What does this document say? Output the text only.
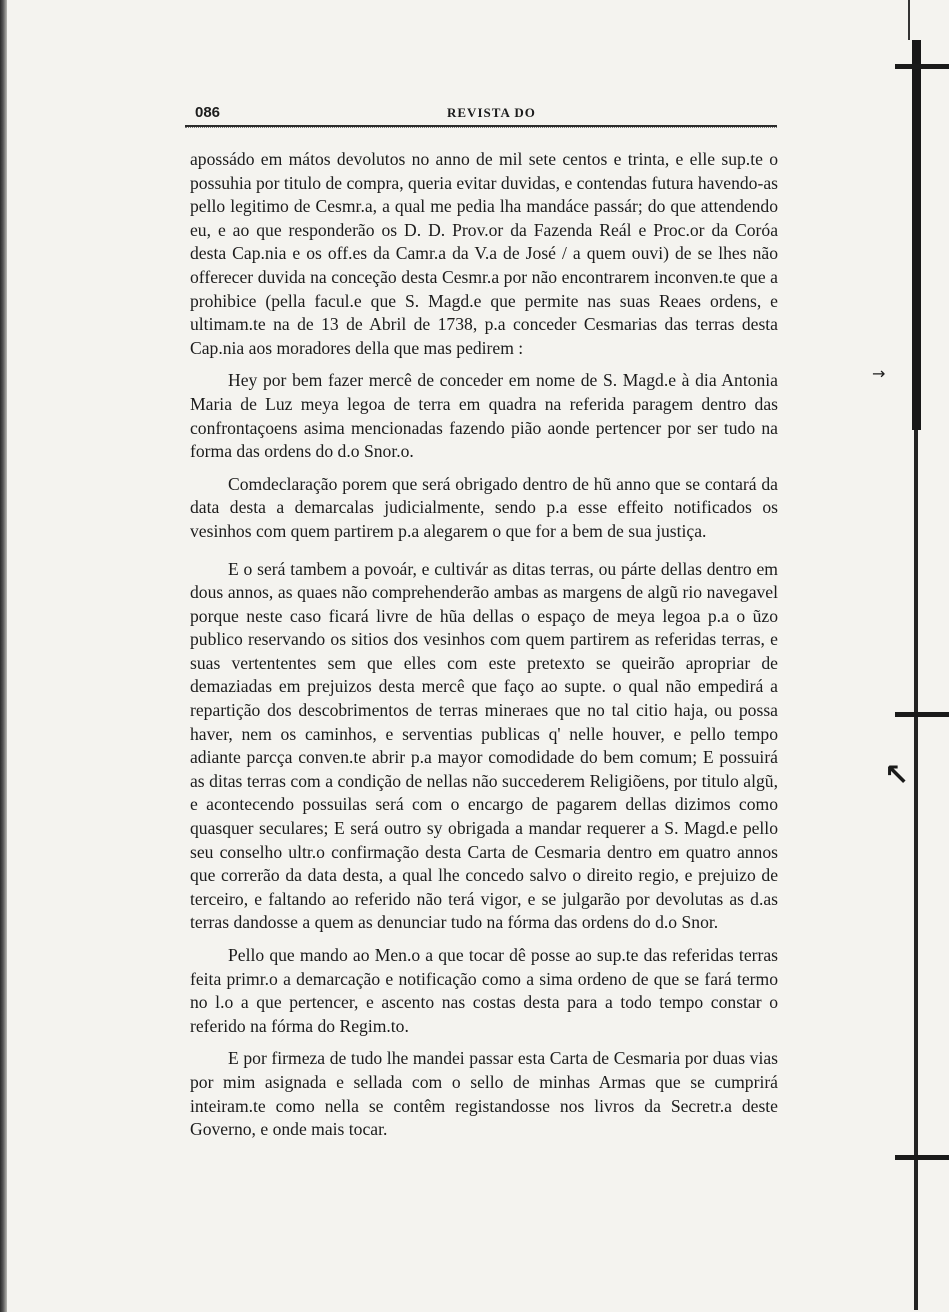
086	REVISTA DO

apossádo em mátos devolutos no anno de mil sete centos e trinta, e elle sup.te o possuhia por titulo de compra, queria evitar duvidas, e contendas futura havendo-as pello legitimo de Cesmr.a, a qual me pedia lha mandáce passár; do que attendendo eu, e ao que responderão os D. D. Prov.or da Fazenda Reál e Proc.or da Coróa desta Cap.nia e os off.es da Camr.a da V.a de José / a quem ouvi) de se lhes não offerecer duvida na conceção desta Cesmr.a por não encontrarem inconven.te que a prohibice (pella facul.e que S. Magd.e que permite nas suas Reaes ordens, e ultimam.te na de 13 de Abril de 1738, p.a conceder Cesmarias das terras desta Cap.nia aos moradores della que mas pedirem :

Hey por bem fazer mercê de conceder em nome de S. Magd.e à dia Antonia Maria de Luz meya legoa de terra em quadra na referida paragem dentro das confrontaçoens asima mencionadas fazendo pião aonde pertencer por ser tudo na forma das ordens do d.o Snor.o.

Comdeclaração porem que será obrigado dentro de hũ anno que se contará da data desta a demarcalas judicialmente, sendo p.a esse effeito notificados os vesinhos com quem partirem p.a alegarem o que for a bem de sua justiça.

E o será tambem a povoár, e cultivár as ditas terras, ou párte dellas dentro em dous annos, as quaes não comprehenderão ambas as margens de algũ rio navegavel porque neste caso ficará livre de hũa dellas o espaço de meya legoa p.a o ũzo publico reservando os sitios dos vesinhos com quem partirem as referidas terras, e suas vertententes sem que elles com este pretexto se queirão apropriar de demaziadas em prejuizos desta mercê que faço ao supte. o qual não empedirá a repartição dos descobrimentos de terras mineraes que no tal citio haja, ou possa haver, nem os caminhos, e serventias publicas q' nelle houver, e pello tempo adiante parcça conven.te abrir p.a mayor comodidade do bem comum; E possuirá as ditas terras com a condição de nellas não succederem Religiõens, por titulo algũ, e acontecendo possuilas será com o encargo de pagarem dellas dizimos como quasquer seculares; E será outro sy obrigada a mandar requerer a S. Magd.e pello seu conselho ultr.o confirmação desta Carta de Cesmaria dentro em quatro annos que correrão da data desta, a qual lhe concedo salvo o direito regio, e prejuizo de terceiro, e faltando ao referido não terá vigor, e se julgarão por devolutas as d.as terras dandosse a quem as denunciar tudo na fórma das ordens do d.o Snor.

Pello que mando ao Men.o a que tocar dê posse ao sup.te das referidas terras feita primr.o a demarcação e notificação como a sima ordeno de que se fará termo no l.o a que pertencer, e ascento nas costas desta para a todo tempo constar o referido na fórma do Regim.to.

E por firmeza de tudo lhe mandei passar esta Carta de Cesmaria por duas vias por mim asignada e sellada com o sello de minhas Armas que se cumprirá inteiram.te como nella se contêm registandosse nos livros da Secretr.a deste Governo, e onde mais tocar.

→
↖
